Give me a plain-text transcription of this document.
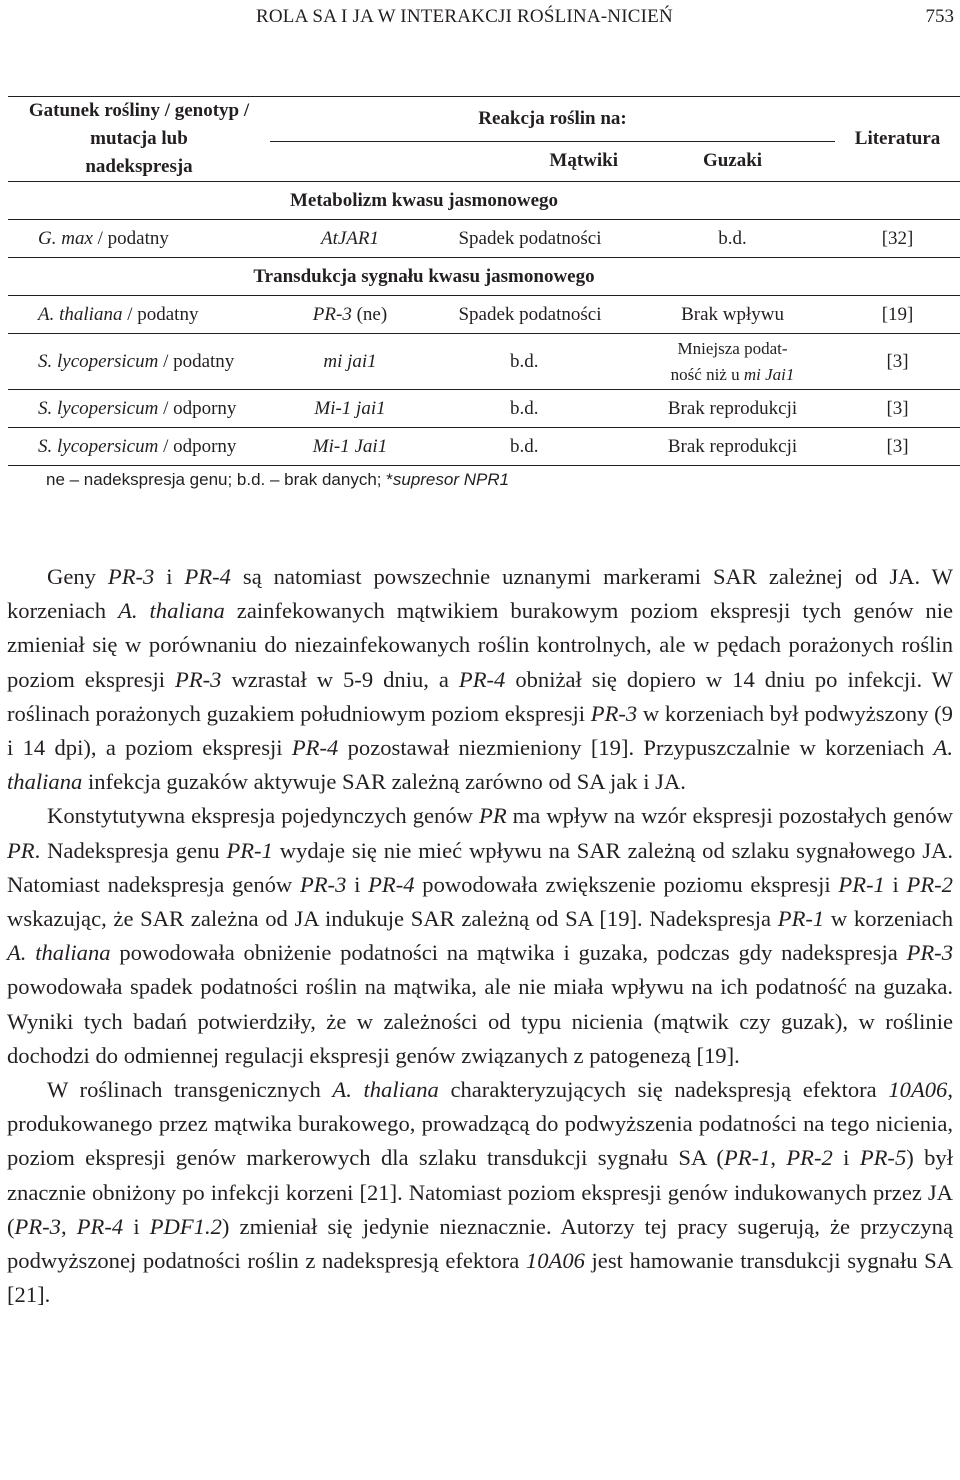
ROLA SA I JA W INTERAKCJI ROŚLINA-NICIEŃ	753
Gatunek rośliny / genotyp / mutacja lub
nadekspresja	Reakcja roślin na:			Literatura
	Mątwiki		Guzaki	
Metabolizm kwasu jasmonowego				
G. max / podatny	AtJAR1	Spadek podatności	b.d.	[32]
Transdukcja sygnału kwasu jasmonowego				
A. thaliana / podatny	PR-3 (ne)	Spadek podatności	Brak wpływu	[19]
S. lycopersicum / podatny	mi jai1	b.d.	Mniejsza podat-
ność niż u mi Jai1	[3]
S. lycopersicum / odporny	Mi-1 jai1	b.d.	Brak reprodukcji	[3]
S. lycopersicum / odporny	Mi-1 Jai1	b.d.	Brak reprodukcji	[3]
ne – nadekspresja genu; b.d. – brak danych; *supresor NPR1

Geny PR-3 i PR-4 są natomiast powszechnie uznanymi markerami SAR zależnej od JA. W korzeniach A. thaliana zainfekowanych mątwikiem burakowym poziom ekspresji tych genów nie zmieniał się w porównaniu do niezainfekowanych roślin kontrolnych, ale w pędach porażonych roślin poziom ekspresji PR-3 wzrastał w 5-9 dniu, a PR-4 obniżał się dopiero w 14 dniu po infekcji. W roślinach porażonych guzakiem południowym poziom ekspresji PR-3 w korzeniach był podwyższony (9 i 14 dpi), a poziom ekspresji PR-4 pozostawał niezmieniony [19]. Przypuszczalnie w korzeniach A. thaliana infekcja guzaków aktywuje SAR zależną zarówno od SA jak i JA.

Konstytutywna ekspresja pojedynczych genów PR ma wpływ na wzór ekspresji pozostałych genów PR. Nadekspresja genu PR-1 wydaje się nie mieć wpływu na SAR zależną od szlaku sygnałowego JA. Natomiast nadekspresja genów PR-3 i PR-4 powodowała zwiększenie poziomu ekspresji PR-1 i PR-2 wskazując, że SAR zależna od JA indukuje SAR zależną od SA [19]. Nadekspresja PR-1 w korzeniach A. thaliana powodowała obniżenie podatności na mątwika i guzaka, podczas gdy nadekspresja PR-3 powodowała spadek podatności roślin na mątwika, ale nie miała wpływu na ich podatność na guzaka. Wyniki tych badań potwierdziły, że w zależności od typu nicienia (mątwik czy guzak), w roślinie dochodzi do odmiennej regulacji ekspresji genów związanych z patogenezą [19].

W roślinach transgenicznych A. thaliana charakteryzujących się nadekspresją efektora 10A06, produkowanego przez mątwika burakowego, prowadzącą do podwyższenia podatności na tego nicienia, poziom ekspresji genów markerowych dla szlaku transdukcji sygnału SA (PR-1, PR-2 i PR-5) był znacznie obniżony po infekcji korzeni [21]. Natomiast poziom ekspresji genów indukowanych przez JA (PR-3, PR-4 i PDF1.2) zmieniał się jedynie nieznacznie. Autorzy tej pracy sugerują, że przyczyną podwyższonej podatności roślin z nadekspresją efektora 10A06 jest hamowanie transdukcji sygnału SA [21].
